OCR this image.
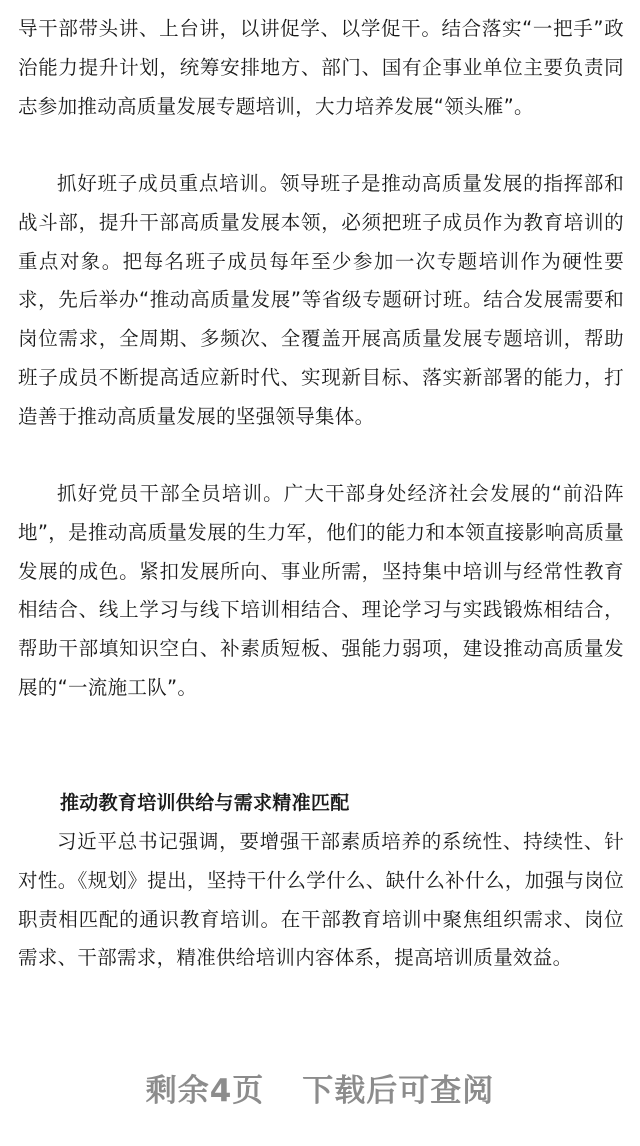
导干部带头讲、上台讲，以讲促学、以学促干。结合落实“一把手”政治能力提升计划，统筹安排地方、部门、国有企事业单位主要负责同志参加推动高质量发展专题培训，大力培养发展“领头雁”。

抓好班子成员重点培训。领导班子是推动高质量发展的指挥部和战斗部，提升干部高质量发展本领，必须把班子成员作为教育培训的重点对象。把每名班子成员每年至少参加一次专题培训作为硬性要求，先后举办“推动高质量发展”等省级专题研讨班。结合发展需要和岗位需求，全周期、多频次、全覆盖开展高质量发展专题培训，帮助班子成员不断提高适应新时代、实现新目标、落实新部署的能力，打造善于推动高质量发展的坚强领导集体。

抓好党员干部全员培训。广大干部身处经济社会发展的“前沿阵地”，是推动高质量发展的生力军，他们的能力和本领直接影响高质量发展的成色。紧扣发展所向、事业所需，坚持集中培训与经常性教育相结合、线上学习与线下培训相结合、理论学习与实践锻炼相结合，帮助干部填知识空白、补素质短板、强能力弱项，建设推动高质量发展的“一流施工队”。

推动教育培训供给与需求精准匹配

习近平总书记强调，要增强干部素质培养的系统性、持续性、针对性。《规划》提出，坚持干什么学什么、缺什么补什么，加强与岗位职责相匹配的通识教育培训。在干部教育培训中聚焦组织需求、岗位需求、干部需求，精准供给培训内容体系，提高培训质量效益。

剩余4页 下载后可查阅
